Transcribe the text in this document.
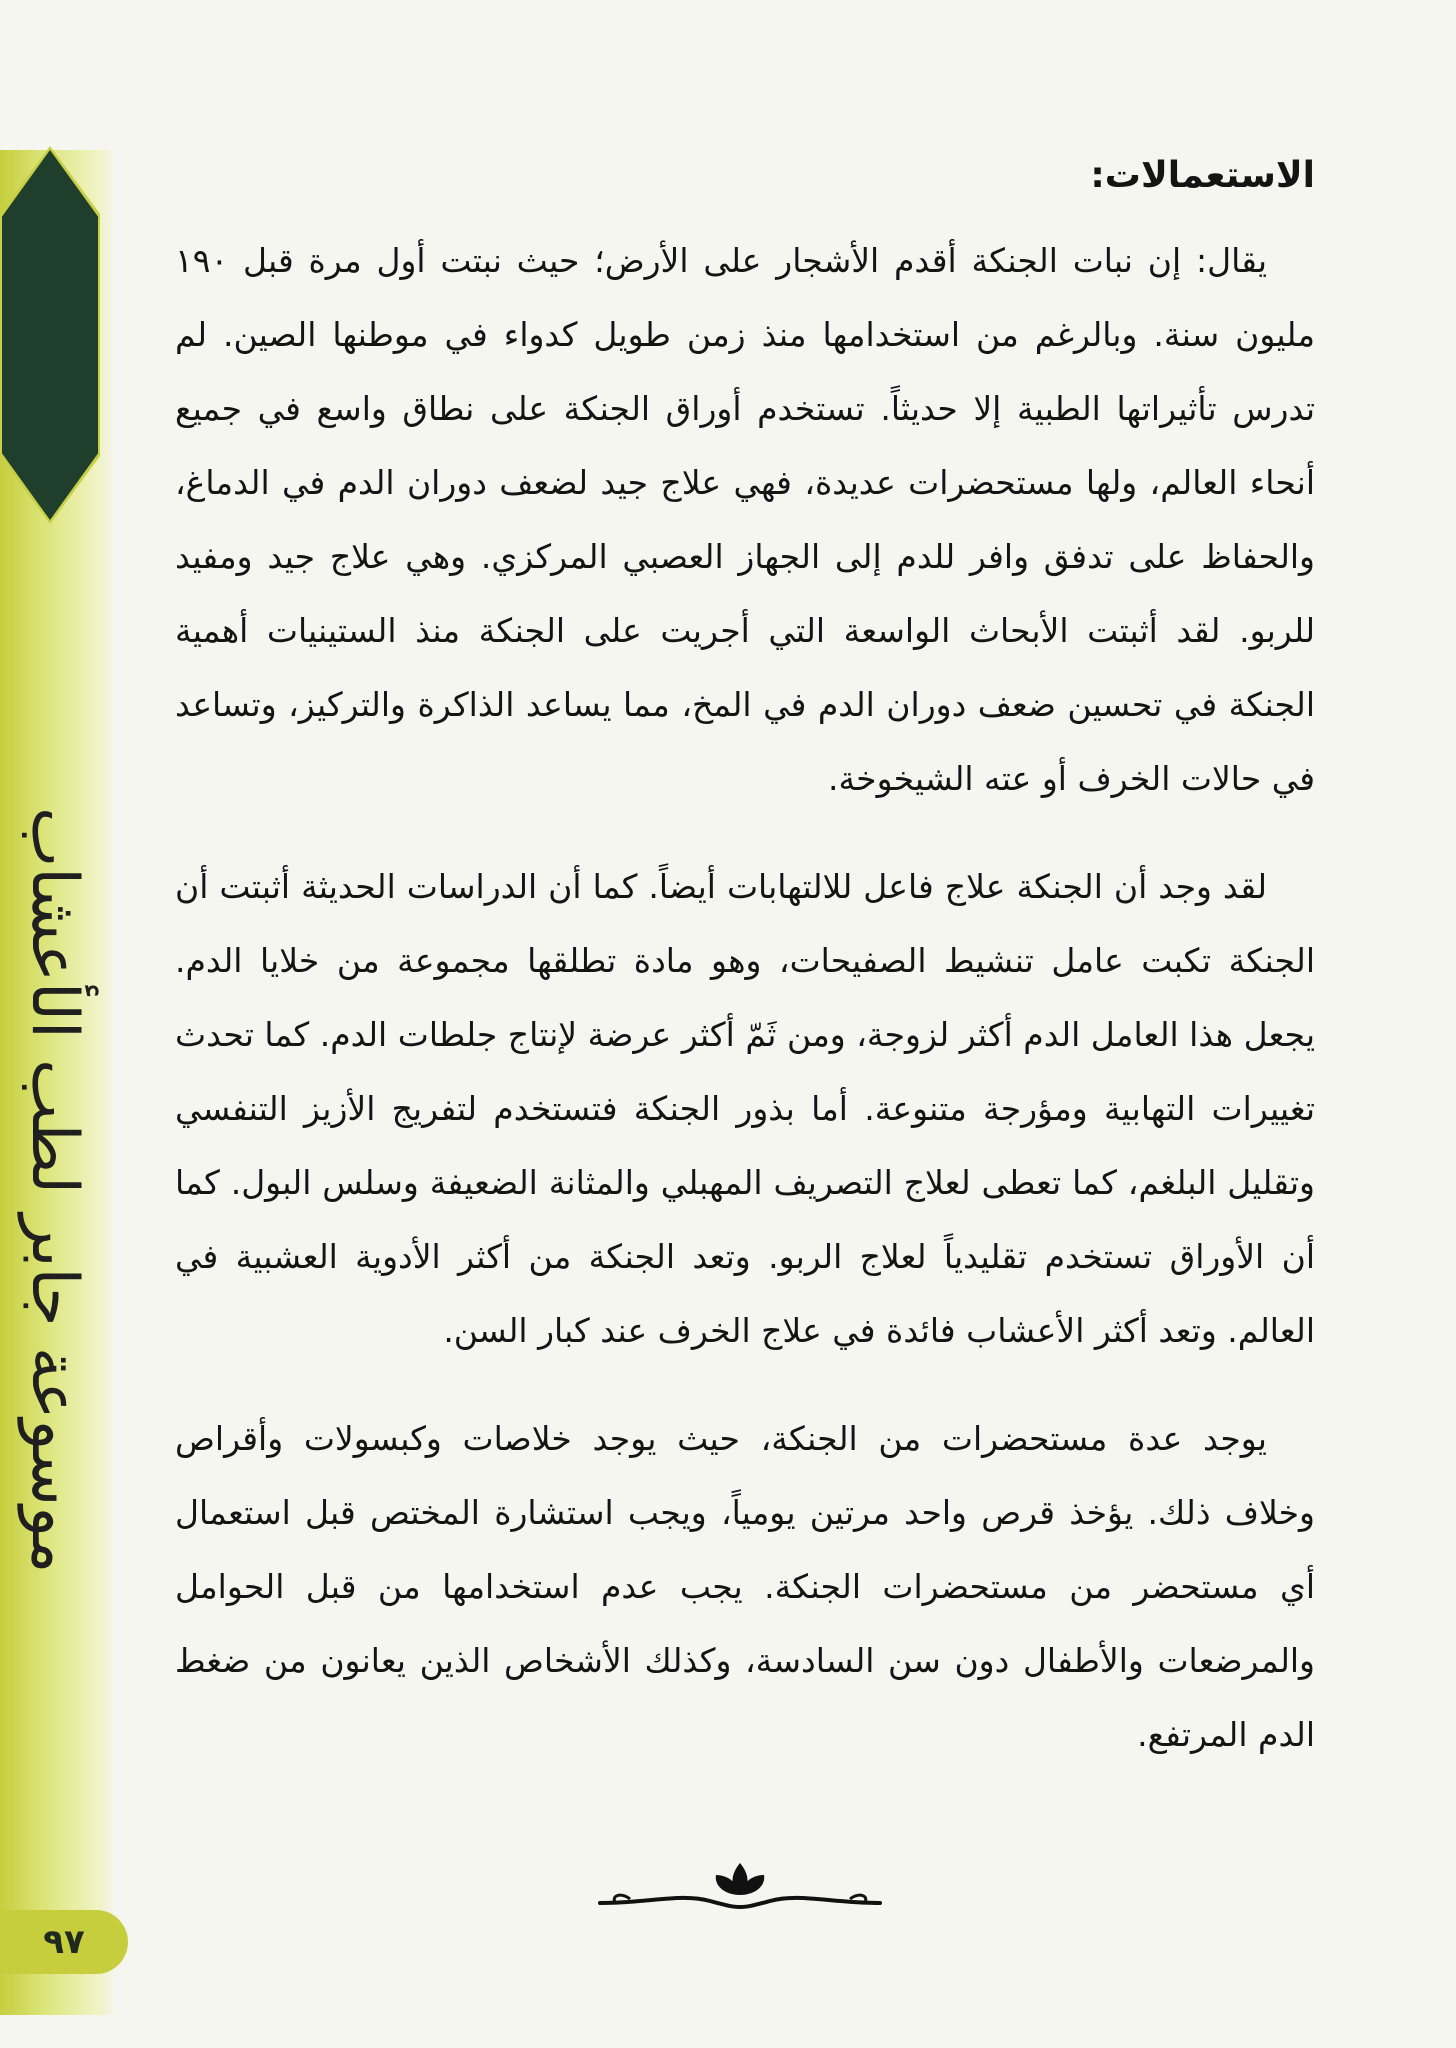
موسوعة جابر لطب الأعشاب
الاستعمالات:

يقال: إن نبات الجنكة أقدم الأشجار على الأرض؛ حيث نبتت أول مرة قبل ١٩٠ مليون سنة. وبالرغم من استخدامها منذ زمن طويل كدواء في موطنها الصين. لم تدرس تأثيراتها الطبية إلا حديثاً. تستخدم أوراق الجنكة على نطاق واسع في جميع أنحاء العالم، ولها مستحضرات عديدة، فهي علاج جيد لضعف دوران الدم في الدماغ، والحفاظ على تدفق وافر للدم إلى الجهاز العصبي المركزي. وهي علاج جيد ومفيد للربو. لقد أثبتت الأبحاث الواسعة التي أجريت على الجنكة منذ الستينيات أهمية الجنكة في تحسين ضعف دوران الدم في المخ، مما يساعد الذاكرة والتركيز، وتساعد في حالات الخرف أو عته الشيخوخة.

لقد وجد أن الجنكة علاج فاعل للالتهابات أيضاً. كما أن الدراسات الحديثة أثبتت أن الجنكة تكبت عامل تنشيط الصفيحات، وهو مادة تطلقها مجموعة من خلايا الدم. يجعل هذا العامل الدم أكثر لزوجة، ومن ثَمّ أكثر عرضة لإنتاج جلطات الدم. كما تحدث تغييرات التهابية ومؤرجة متنوعة. أما بذور الجنكة فتستخدم لتفريج الأزيز التنفسي وتقليل البلغم، كما تعطى لعلاج التصريف المهبلي والمثانة الضعيفة وسلس البول. كما أن الأوراق تستخدم تقليدياً لعلاج الربو. وتعد الجنكة من أكثر الأدوية العشبية في العالم. وتعد أكثر الأعشاب فائدة في علاج الخرف عند كبار السن.

يوجد عدة مستحضرات من الجنكة، حيث يوجد خلاصات وكبسولات وأقراص وخلاف ذلك. يؤخذ قرص واحد مرتين يومياً، ويجب استشارة المختص قبل استعمال أي مستحضر من مستحضرات الجنكة. يجب عدم استخدامها من قبل الحوامل والمرضعات والأطفال دون سن السادسة، وكذلك الأشخاص الذين يعانون من ضغط الدم المرتفع.

٩٧
